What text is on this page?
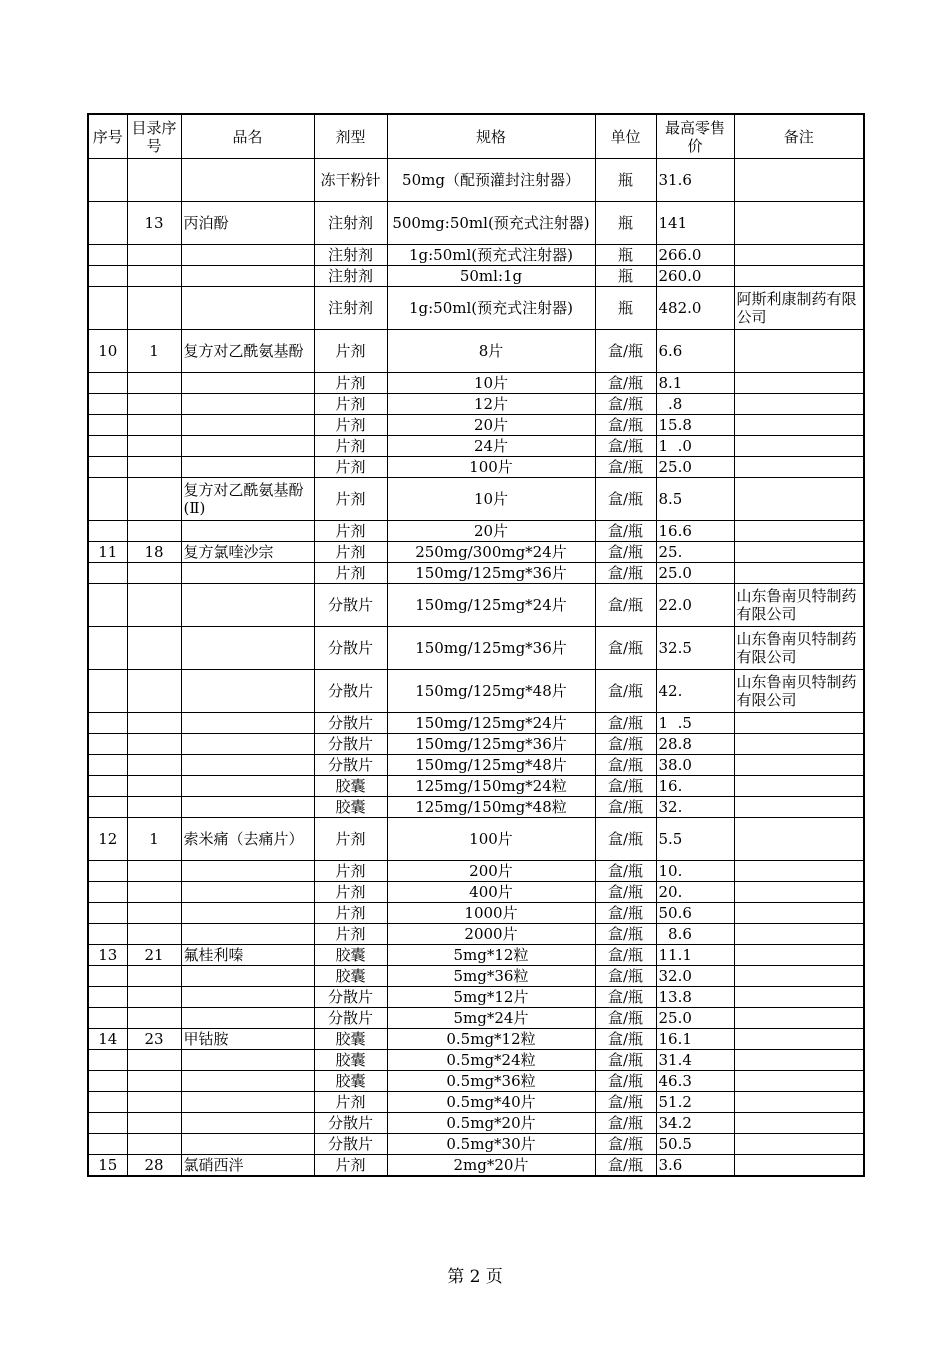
序号	目录序号	品名	剂型	规格	单位	最高零售价	备注
			冻干粉针	50mg（配预灌封注射器）	瓶	31.6	
	13	丙泊酚	注射剂	500mg:50ml(预充式注射器)	瓶	141	
			注射剂	1g:50ml(预充式注射器)	瓶	266.0	
			注射剂	50ml:1g	瓶	260.0	
			注射剂	1g:50ml(预充式注射器)	瓶	482.0	阿斯利康制药有限公司
10	1	复方对乙酰氨基酚	片剂	8片	盒/瓶	6.6	
			片剂	10片	盒/瓶	8.1	
			片剂	12片	盒/瓶	.8	
			片剂	20片	盒/瓶	15.8	
			片剂	24片	盒/瓶	1  .0	
			片剂	100片	盒/瓶	25.0	
		复方对乙酰氨基酚(Ⅱ)	片剂	10片	盒/瓶	8.5	
			片剂	20片	盒/瓶	16.6	
11	18	复方氯喹沙宗	片剂	250mg/300mg*24片	盒/瓶	25.	
			片剂	150mg/125mg*36片	盒/瓶	25.0	
			分散片	150mg/125mg*24片	盒/瓶	22.0	山东鲁南贝特制药有限公司
			分散片	150mg/125mg*36片	盒/瓶	32.5	山东鲁南贝特制药有限公司
			分散片	150mg/125mg*48片	盒/瓶	42.	山东鲁南贝特制药有限公司
			分散片	150mg/125mg*24片	盒/瓶	1  .5	
			分散片	150mg/125mg*36片	盒/瓶	28.8	
			分散片	150mg/125mg*48片	盒/瓶	38.0	
			胶囊	125mg/150mg*24粒	盒/瓶	16.	
			胶囊	125mg/150mg*48粒	盒/瓶	32.	
12	1	索米痛（去痛片）	片剂	100片	盒/瓶	5.5	
			片剂	200片	盒/瓶	10.	
			片剂	400片	盒/瓶	20.	
			片剂	1000片	盒/瓶	50.6	
			片剂	2000片	盒/瓶	8.6	
13	21	氟桂利嗪	胶囊	5mg*12粒	盒/瓶	11.1	
			胶囊	5mg*36粒	盒/瓶	32.0	
			分散片	5mg*12片	盒/瓶	13.8	
			分散片	5mg*24片	盒/瓶	25.0	
14	23	甲钴胺	胶囊	0.5mg*12粒	盒/瓶	16.1	
			胶囊	0.5mg*24粒	盒/瓶	31.4	
			胶囊	0.5mg*36粒	盒/瓶	46.3	
			片剂	0.5mg*40片	盒/瓶	51.2	
			分散片	0.5mg*20片	盒/瓶	34.2	
			分散片	0.5mg*30片	盒/瓶	50.5	
15	28	氯硝西泮	片剂	2mg*20片	盒/瓶	3.6	
第 2 页
